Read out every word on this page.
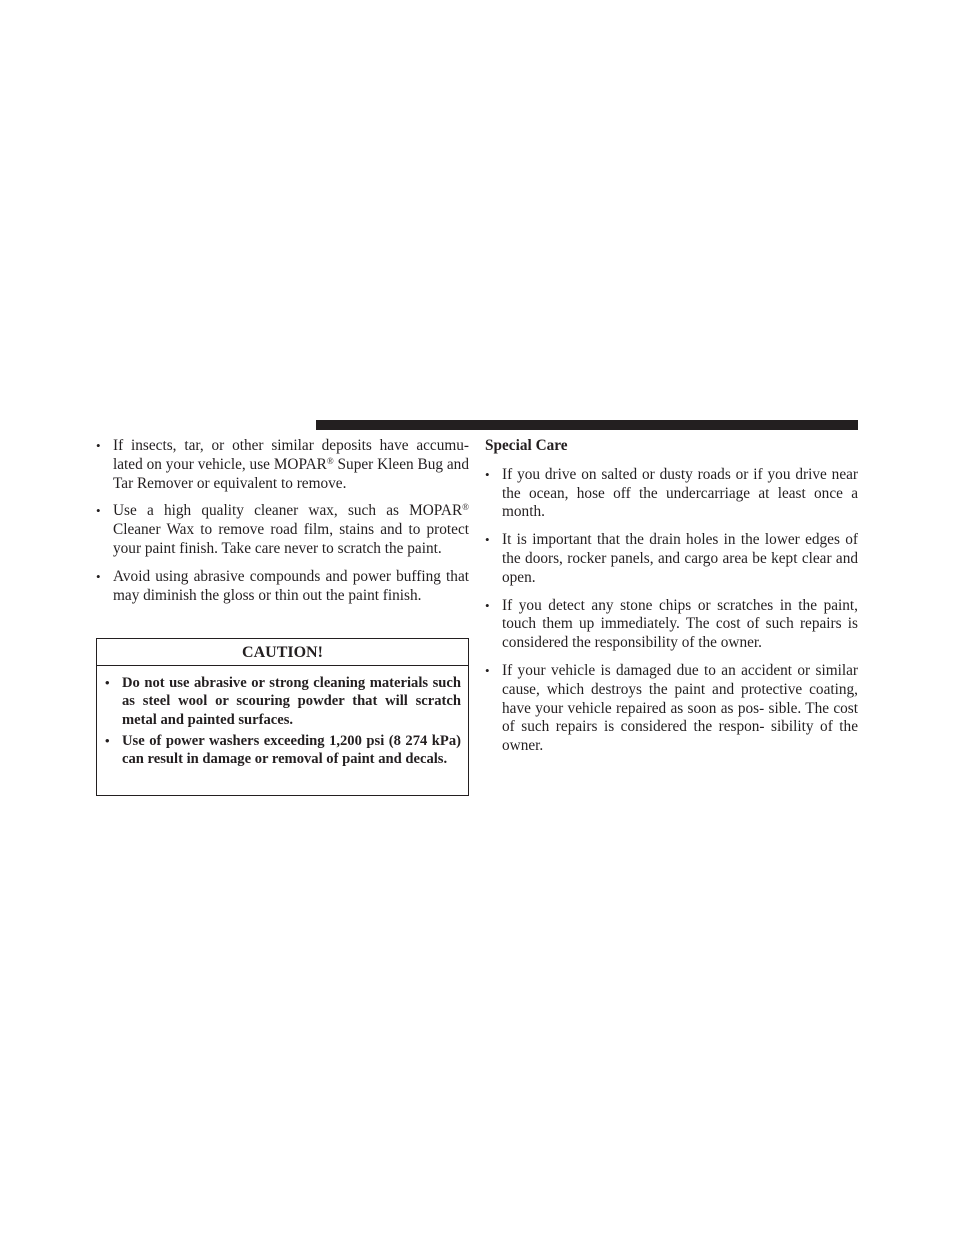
• If insects, tar, or other similar deposits have accumu- lated on your vehicle, use MOPAR® Super Kleen Bug and Tar Remover or equivalent to remove.
• Use a high quality cleaner wax, such as MOPAR® Cleaner Wax to remove road film, stains and to protect your paint finish. Take care never to scratch the paint.
• Avoid using abrasive compounds and power buffing that may diminish the gloss or thin out the paint finish.
CAUTION!
• Do not use abrasive or strong cleaning materials such as steel wool or scouring powder that will scratch metal and painted surfaces.
• Use of power washers exceeding 1,200 psi (8 274 kPa) can result in damage or removal of paint and decals.
Special Care
• If you drive on salted or dusty roads or if you drive near the ocean, hose off the undercarriage at least once a month.
• It is important that the drain holes in the lower edges of the doors, rocker panels, and cargo area be kept clear and open.
• If you detect any stone chips or scratches in the paint, touch them up immediately. The cost of such repairs is considered the responsibility of the owner.
• If your vehicle is damaged due to an accident or similar cause, which destroys the paint and protective coating, have your vehicle repaired as soon as pos- sible. The cost of such repairs is considered the respon- sibility of the owner.
